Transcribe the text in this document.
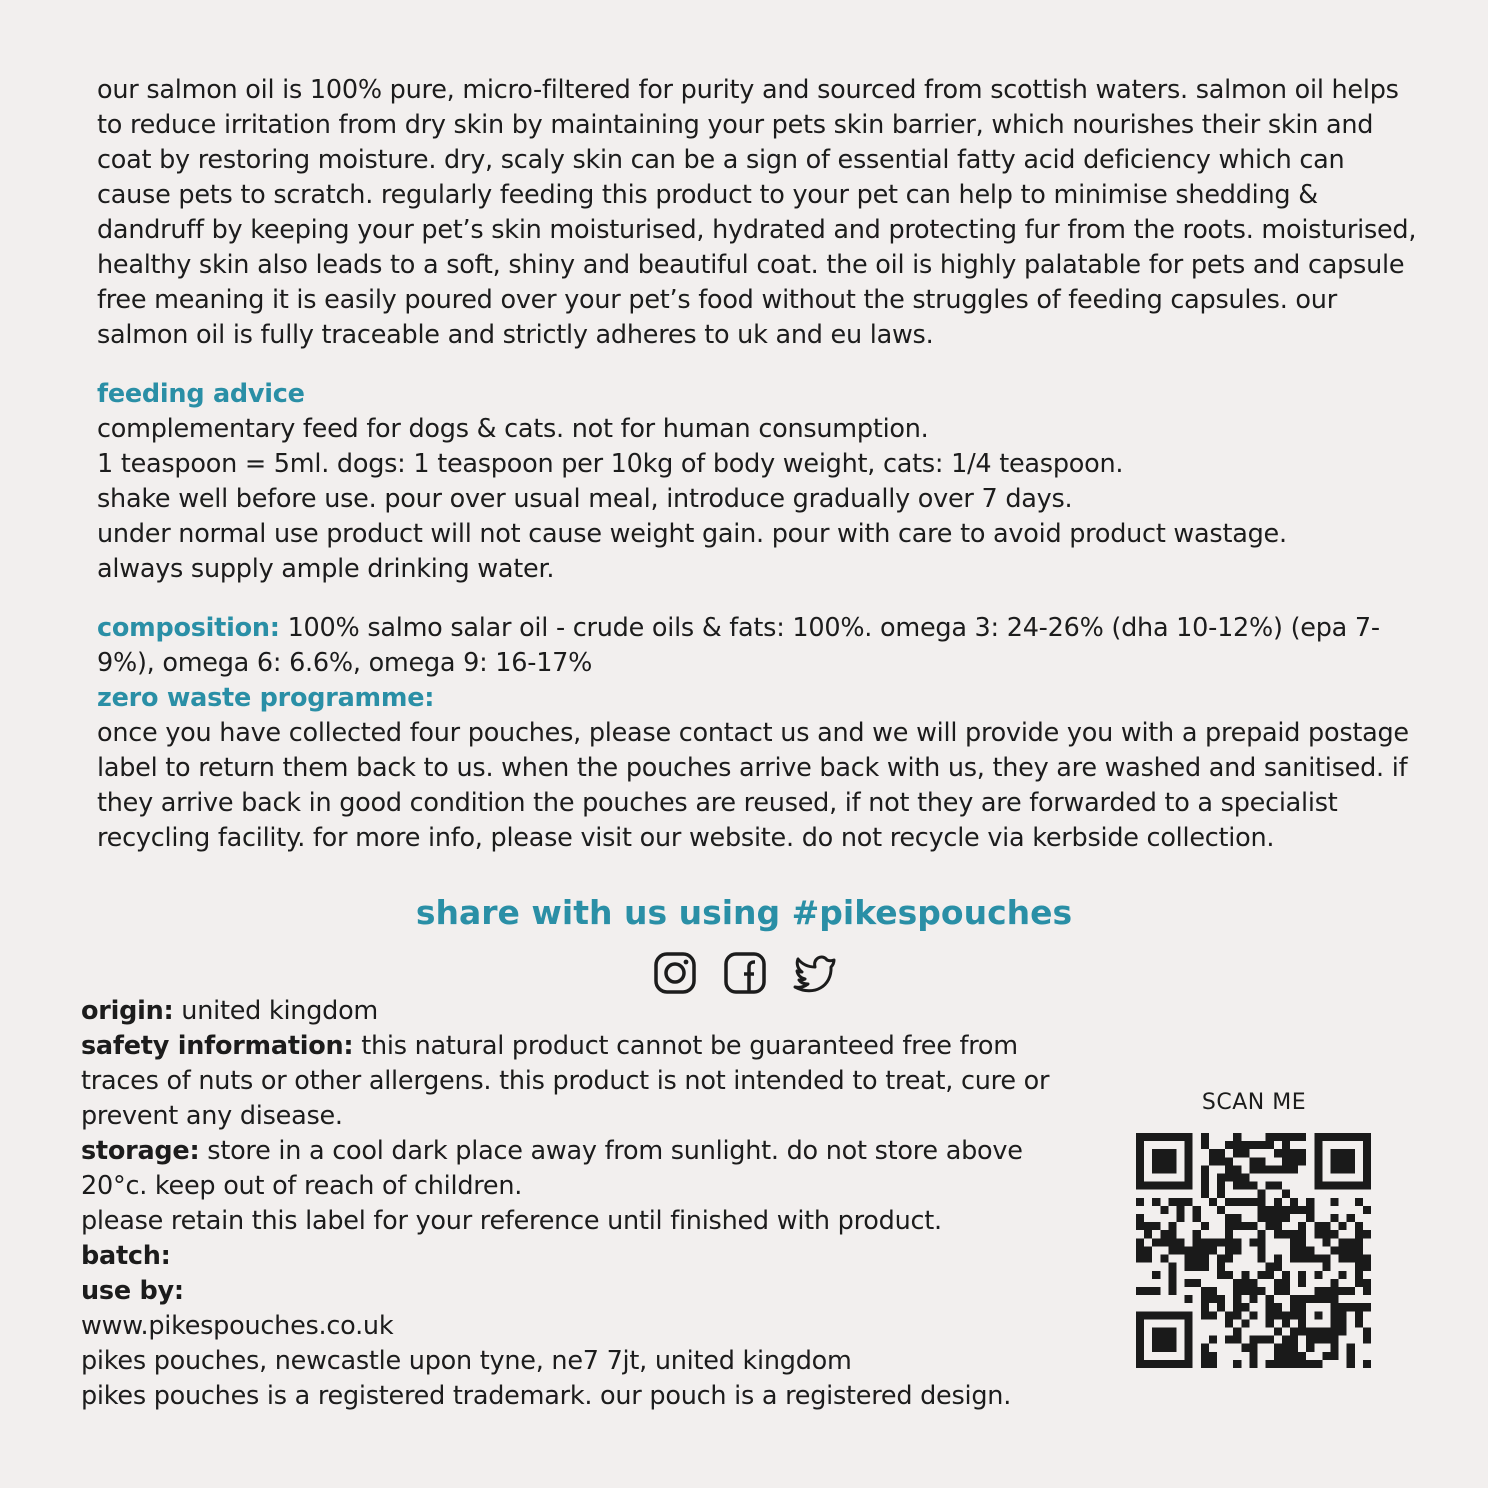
our salmon oil is 100% pure, micro-filtered for purity and sourced from scottish waters. salmon oil helps to reduce irritation from dry skin by maintaining your pets skin barrier, which nourishes their skin and coat by restoring moisture. dry, scaly skin can be a sign of essential fatty acid deficiency which can cause pets to scratch. regularly feeding this product to your pet can help to minimise shedding & dandruff by keeping your pet’s skin moisturised, hydrated and protecting fur from the roots. moisturised, healthy skin also leads to a soft, shiny and beautiful coat. the oil is highly palatable for pets and capsule free meaning it is easily poured over your pet’s food without the struggles of feeding capsules. our salmon oil is fully traceable and strictly adheres to uk and eu laws.

feeding advice
complementary feed for dogs & cats. not for human consumption.
1 teaspoon = 5ml. dogs: 1 teaspoon per 10kg of body weight, cats: 1/4 teaspoon.
shake well before use. pour over usual meal, introduce gradually over 7 days.
under normal use product will not cause weight gain. pour with care to avoid product wastage.
always supply ample drinking water.

composition: 100% salmo salar oil - crude oils & fats: 100%. omega 3: 24-26% (dha 10-12%) (epa 7-9%), omega 6: 6.6%, omega 9: 16-17%

zero waste programme:
once you have collected four pouches, please contact us and we will provide you with a prepaid postage label to return them back to us. when the pouches arrive back with us, they are washed and sanitised. if they arrive back in good condition the pouches are reused, if not they are forwarded to a specialist recycling facility. for more info, please visit our website. do not recycle via kerbside collection.
share with us using #pikespouches

origin: united kingdom

safety information: this natural product cannot be guaranteed free from traces of nuts or other allergens. this product is not intended to treat, cure or prevent any disease.

storage: store in a cool dark place away from sunlight. do not store above 20°c. keep out of reach of children.

please retain this label for your reference until finished with product.

batch:

use by:

www.pikespouches.co.uk

pikes pouches, newcastle upon tyne, ne7 7jt, united kingdom

pikes pouches is a registered trademark. our pouch is a registered design.

SCAN ME
